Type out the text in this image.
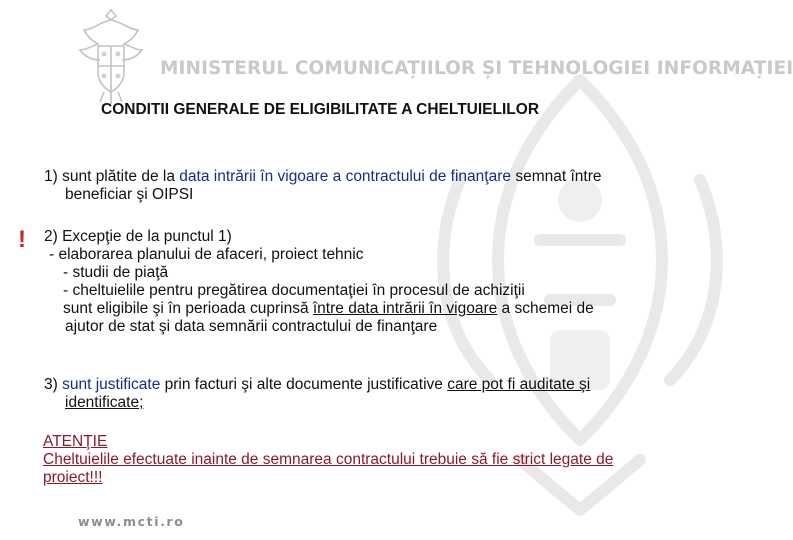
MINISTERUL COMUNICAȚIILOR ȘI TEHNOLOGIEI INFORMAȚIEI
CONDITII GENERALE DE ELIGIBILITATE A CHELTUIELILOR
1) sunt plătite de la data intrării în vigoare a contractului de finanţare semnat între
beneficiar şi OIPSI
! 2) Excepţie de la punctul 1)
- elaborarea planului de afaceri, proiect tehnic
- studii de piaţă
- cheltuielile pentru pregătirea documentaţiei în procesul de achiziţii
sunt eligibile şi în perioada cuprinsă între data intrării în vigoare a schemei de
ajutor de stat şi data semnării contractului de finanţare
3) sunt justificate prin facturi şi alte documente justificative care pot fi auditate şi
identificate;
ATENŢIE
Cheltuielile efectuate inainte de semnarea contractului trebuie să fie strict legate de
proiect!!!
www.mcti.ro
